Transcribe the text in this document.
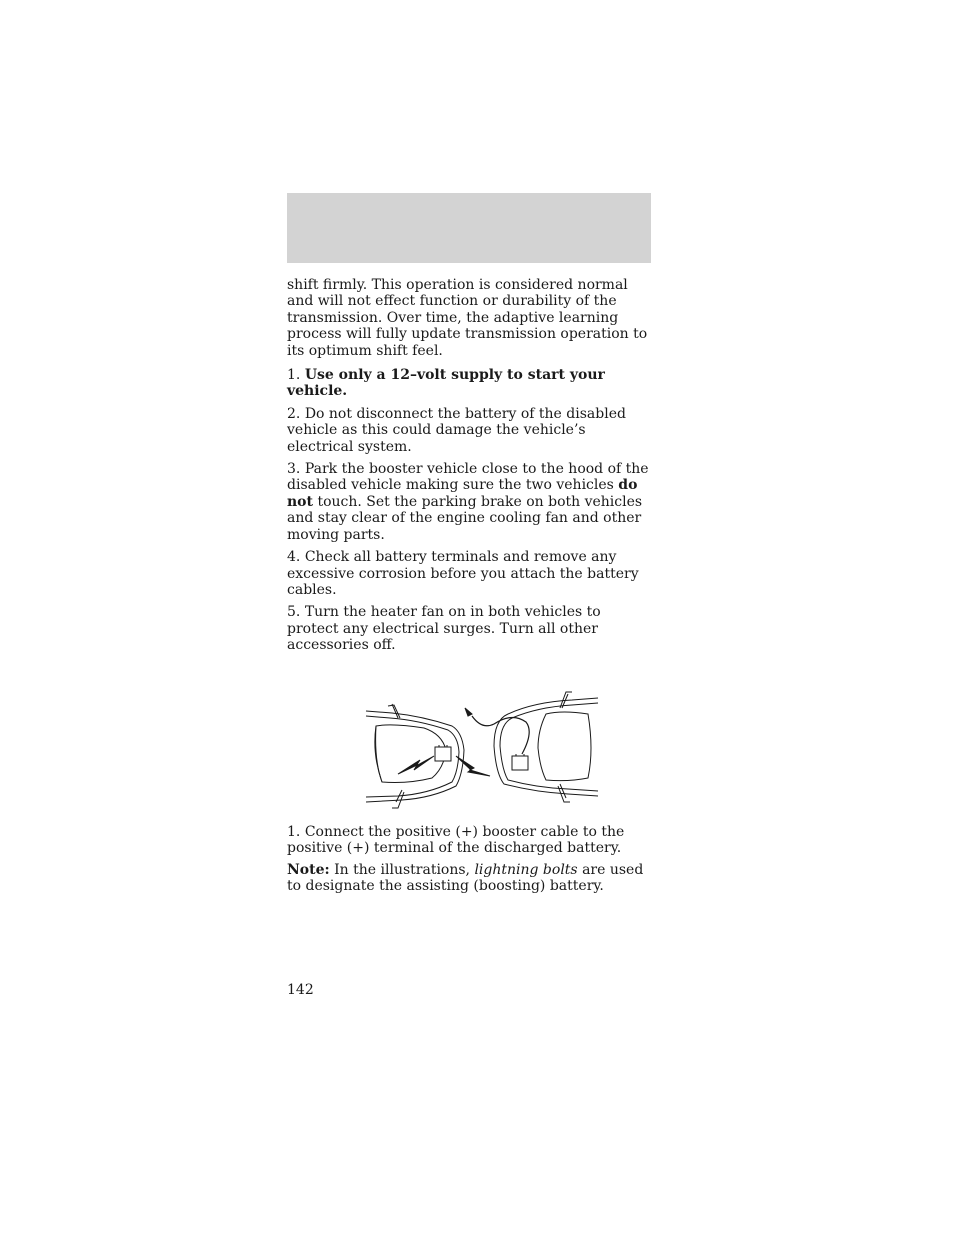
shift firmly. This operation is considered normal and will not effect function or durability of the transmission. Over time, the adaptive learning process will fully update transmission operation to its optimum shift feel.

1. Use only a 12–volt supply to start your vehicle.

2. Do not disconnect the battery of the disabled vehicle as this could damage the vehicle’s electrical system.

3. Park the booster vehicle close to the hood of the disabled vehicle making sure the two vehicles do not touch. Set the parking brake on both vehicles and stay clear of the engine cooling fan and other moving parts.

4. Check all battery terminals and remove any excessive corrosion before you attach the battery cables.

5. Turn the heater fan on in both vehicles to protect any electrical surges. Turn all other accessories off.

1. Connect the positive (+) booster cable to the positive (+) terminal of the discharged battery.

Note: In the illustrations, lightning bolts are used to designate the assisting (boosting) battery.

142
